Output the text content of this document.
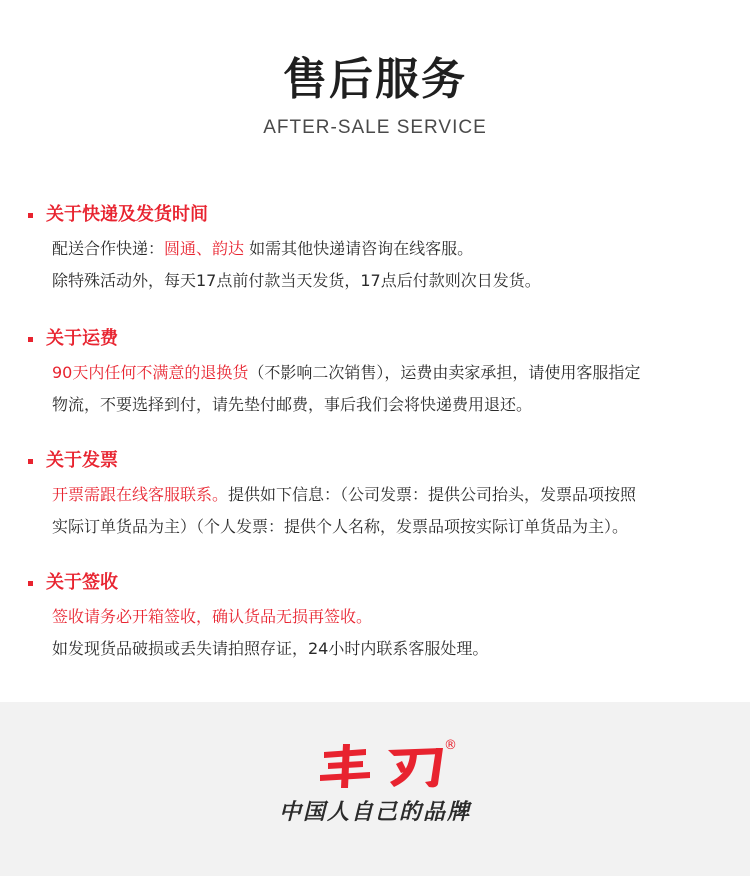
售后服务
AFTER-SALE SERVICE
关于快递及发货时间
配送合作快递：圆通、韵达 如需其他快递请咨询在线客服。
除特殊活动外，每天17点前付款当天发货，17点后付款则次日发货。
关于运费
90天内任何不满意的退换货（不影响二次销售），运费由卖家承担，请使用客服指定
物流，不要选择到付，请先垫付邮费，事后我们会将快递费用退还。
关于发票
开票需跟在线客服联系。提供如下信息：（公司发票：提供公司抬头，发票品项按照
实际订单货品为主）（个人发票：提供个人名称，发票品项按实际订单货品为主）。
关于签收
签收请务必开箱签收，确认货品无损再签收。
如发现货品破损或丢失请拍照存证，24小时内联系客服处理。
®
中国人自己的品牌
